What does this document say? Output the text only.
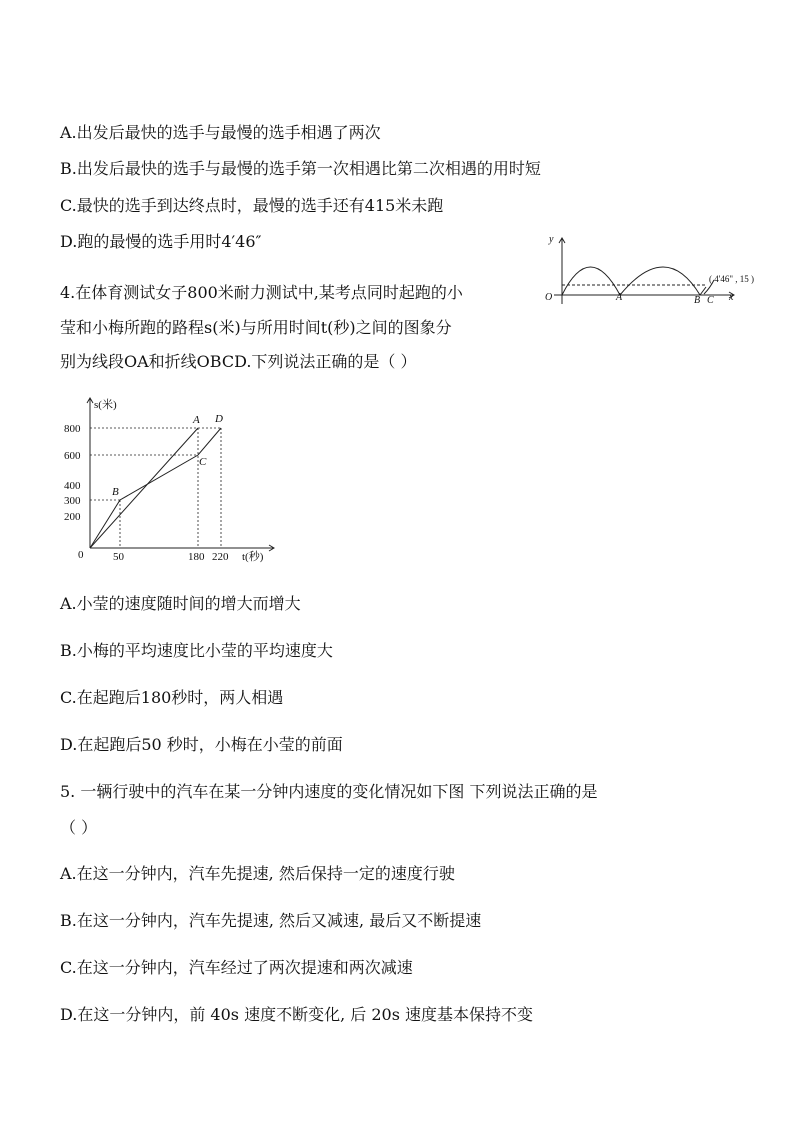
A.出发后最快的选手与最慢的选手相遇了两次
B.出发后最快的选手与最慢的选手第一次相遇比第二次相遇的用时短
C.最快的选手到达终点时，最慢的选手还有415米未跑
D.跑的最慢的选手用时4′46″	y
x
O	A	B C
( 4'46" , 15 )
4.在体育测试女子800米耐力测试中,某考点同时起跑的小
莹和小梅所跑的路程s(米)与所用时间t(秒)之间的图象分
别为线段OA和折线OBCD.下列说法正确的是（ ）
800
600
400
300
200
50	180 220
0
s(米)
t(秒)
A D
B
C
A.小莹的速度随时间的增大而增大
B.小梅的平均速度比小莹的平均速度大
C.在起跑后180秒时，两人相遇
D.在起跑后50 秒时，小梅在小莹的前面
5. 一辆行驶中的汽车在某一分钟内速度的变化情况如下图 下列说法正确的是
（ ）
A.在这一分钟内，汽车先提速, 然后保持一定的速度行驶
B.在这一分钟内，汽车先提速, 然后又减速, 最后又不断提速
C.在这一分钟内，汽车经过了两次提速和两次减速
D.在这一分钟内，前 40s 速度不断变化, 后 20s 速度基本保持不变
